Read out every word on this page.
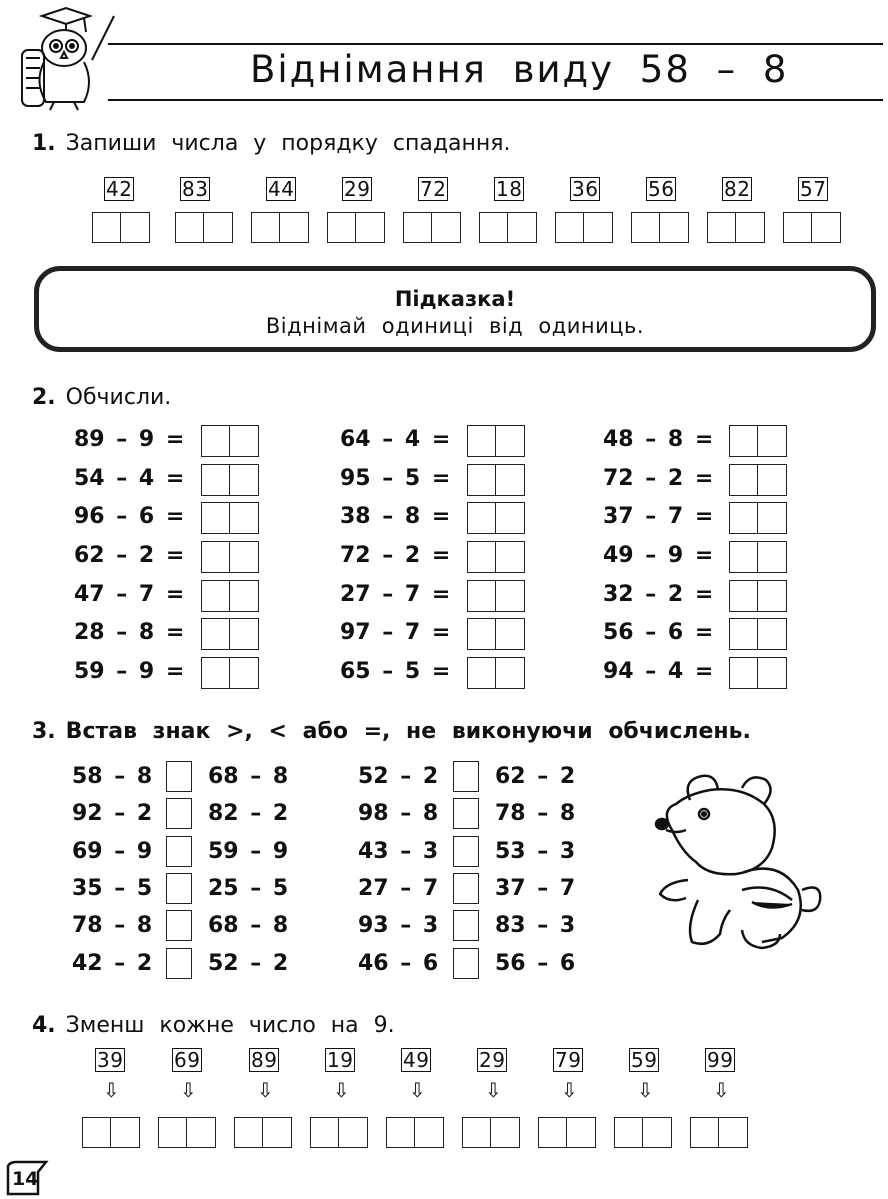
Віднімання виду 58 – 8
1. Запиши числа у порядку спадання.
42 83	44 29 72 18 36 56 82 57
Підказка!
Віднімай одиниці від одиниць.
2. Обчисли.
89 – 9 =
54 – 4 =
96 – 6 =
62 – 2 =
47 – 7 =
28 – 8 =
59 – 9 =
64 – 4 =
95 – 5 =
38 – 8 =
72 – 2 =
27 – 7 =
97 – 7 =
65 – 5 =
48 – 8 =
72 – 2 =
37 – 7 =
49 – 9 =
32 – 2 =
56 – 6 =
94 – 4 =
3. Встав знак >, < або =, не виконуючи обчислень.
58 – 8	68 – 8
92 – 2	82 – 2
69 – 9	59 – 9
35 – 5	25 – 5
78 – 8	68 – 8
42 – 2	52 – 2
52 – 2	62 – 2
98 – 8	78 – 8
43 – 3	53 – 3
27 – 7	37 – 7
93 – 3	83 – 3
46 – 6	56 – 6
4. Зменш кожне число на 9.
39
⇩
69
⇩
89
⇩
19
⇩
49
⇩
29
⇩
79
⇩
59
⇩
99
⇩
14
